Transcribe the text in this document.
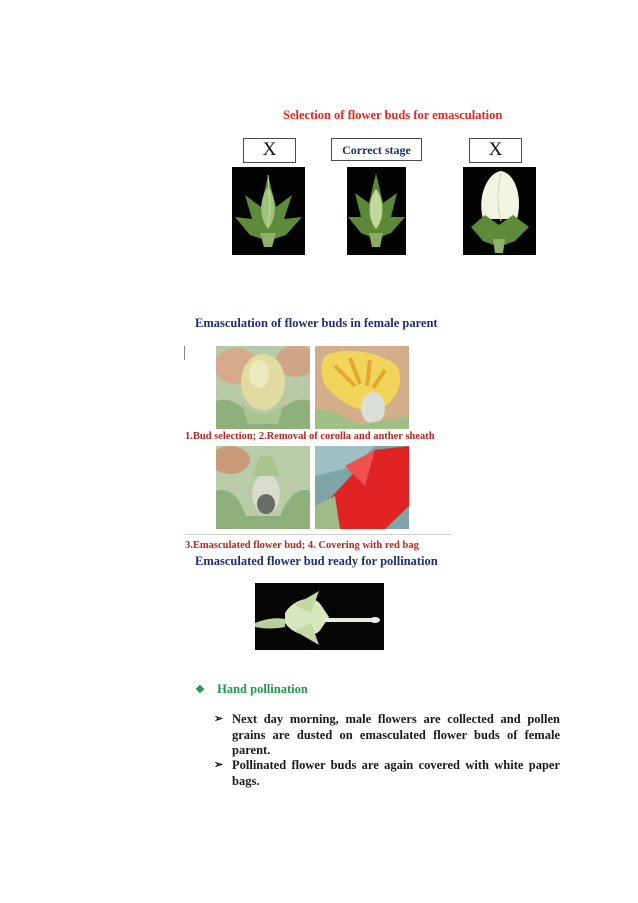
Selection of flower buds for emasculation
X	Correct stage	X
Emasculation of flower buds in female parent
1.Bud selection; 2.Removal of corolla and anther sheath
3.Emasculated flower bud; 4. Covering with red bag
Emasculated flower bud ready for pollination
❖ Hand pollination
➢ Next day morning, male flowers are collected and pollen grains are dusted on emasculated flower buds of female parent.
➢ Pollinated flower buds are again covered with white paper bags.
